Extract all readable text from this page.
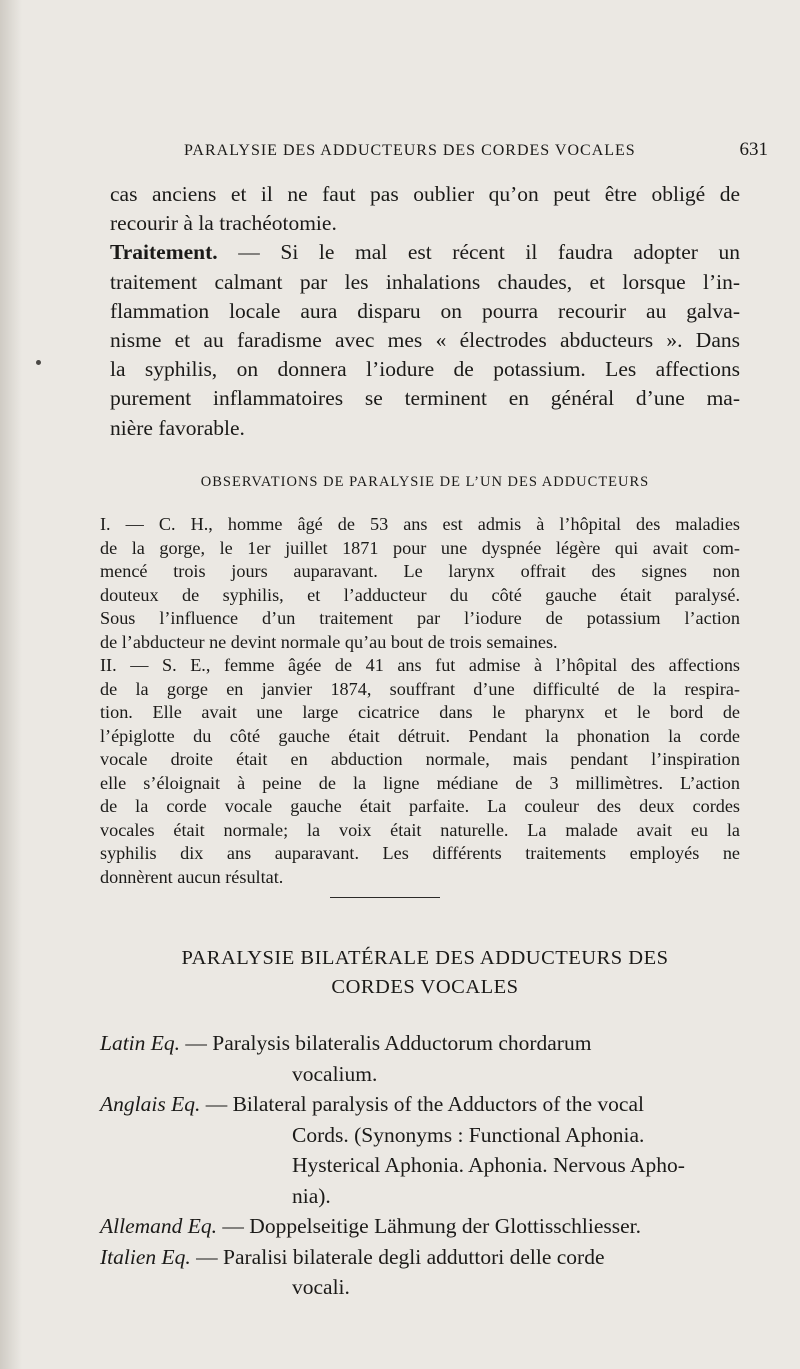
PARALYSIE DES ADDUCTEURS DES CORDES VOCALES	631
cas anciens et il ne faut pas oublier qu’on peut être obligé de
recourir à la trachéotomie.
Traitement. — Si le mal est récent il faudra adopter un
traitement calmant par les inhalations chaudes, et lorsque l’in-
flammation locale aura disparu on pourra recourir au galva-
nisme et au faradisme avec mes « électrodes abducteurs ». Dans
la syphilis, on donnera l’iodure de potassium. Les affections
purement inflammatoires se terminent en général d’une ma-
nière favorable.
OBSERVATIONS DE PARALYSIE DE L’UN DES ADDUCTEURS
I. — C. H., homme âgé de 53 ans est admis à l’hôpital des maladies
de la gorge, le 1er juillet 1871 pour une dyspnée légère qui avait com-
mencé trois jours auparavant. Le larynx offrait des signes non
douteux de syphilis, et l’adducteur du côté gauche était paralysé.
Sous l’influence d’un traitement par l’iodure de potassium l’action
de l’abducteur ne devint normale qu’au bout de trois semaines.
II. — S. E., femme âgée de 41 ans fut admise à l’hôpital des affections
de la gorge en janvier 1874, souffrant d’une difficulté de la respira-
tion. Elle avait une large cicatrice dans le pharynx et le bord de
l’épiglotte du côté gauche était détruit. Pendant la phonation la corde
vocale droite était en abduction normale, mais pendant l’inspiration
elle s’éloignait à peine de la ligne médiane de 3 millimètres. L’action
de la corde vocale gauche était parfaite. La couleur des deux cordes
vocales était normale; la voix était naturelle. La malade avait eu la
syphilis dix ans auparavant. Les différents traitements employés ne
donnèrent aucun résultat.
PARALYSIE BILATÉRALE DES ADDUCTEURS DES
CORDES VOCALES
Latin Eq. — Paralysis bilateralis Adductorum chordarum
vocalium.
Anglais Eq. — Bilateral paralysis of the Adductors of the vocal
Cords. (Synonyms : Functional Aphonia.
Hysterical Aphonia. Aphonia. Nervous Apho-
nia).
Allemand Eq. — Doppelseitige Lähmung der Glottisschliesser.
Italien Eq. — Paralisi bilaterale degli adduttori delle corde
vocali.
